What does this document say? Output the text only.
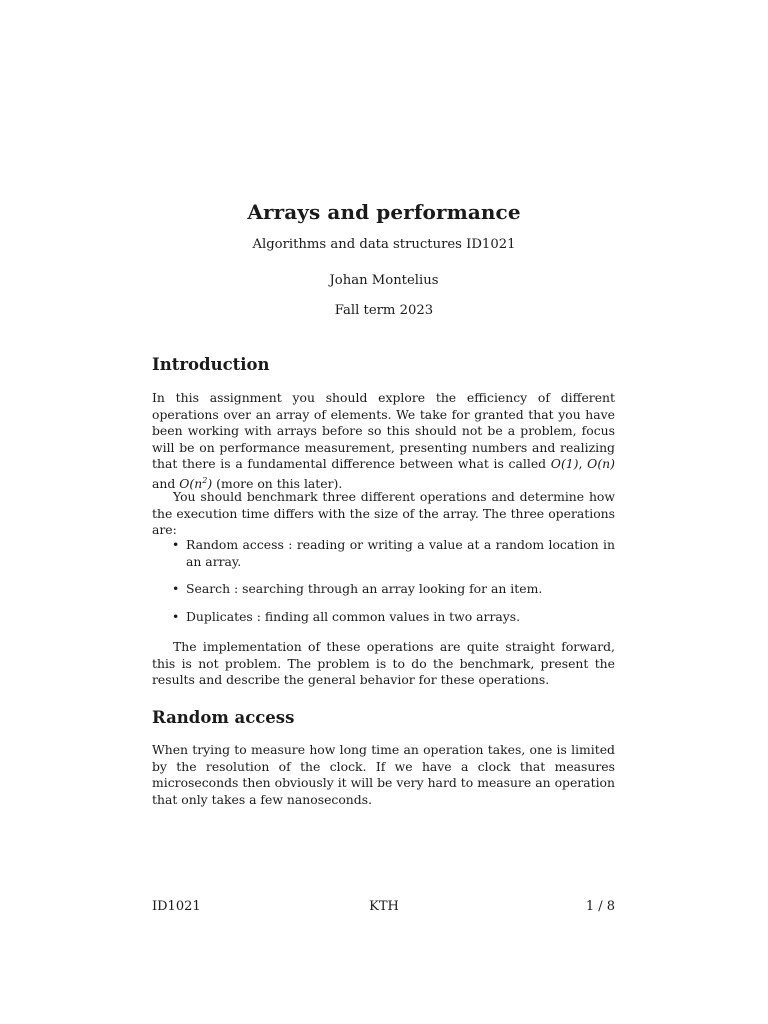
Arrays and performance
Algorithms and data structures ID1021
Johan Montelius
Fall term 2023
Introduction

In this assignment you should explore the efficiency of different operations over an array of elements. We take for granted that you have been working with arrays before so this should not be a problem, focus will be on performance measurement, presenting numbers and realizing that there is a fundamental difference between what is called O(1), O(n) and $O(n^2)$ (more on this later).

You should benchmark three different operations and determine how the execution time differs with the size of the array. The three operations are:

• Random access : reading or writing a value at a random location in an array.
• Search : searching through an array looking for an item.
• Duplicates : finding all common values in two arrays.

The implementation of these operations are quite straight forward, this is not problem. The problem is to do the benchmark, present the results and describe the general behavior for these operations.

Random access

When trying to measure how long time an operation takes, one is limited by the resolution of the clock. If we have a clock that measures microseconds then obviously it will be very hard to measure an operation that only takes a few nanoseconds.

ID1021	KTH	1 / 8
